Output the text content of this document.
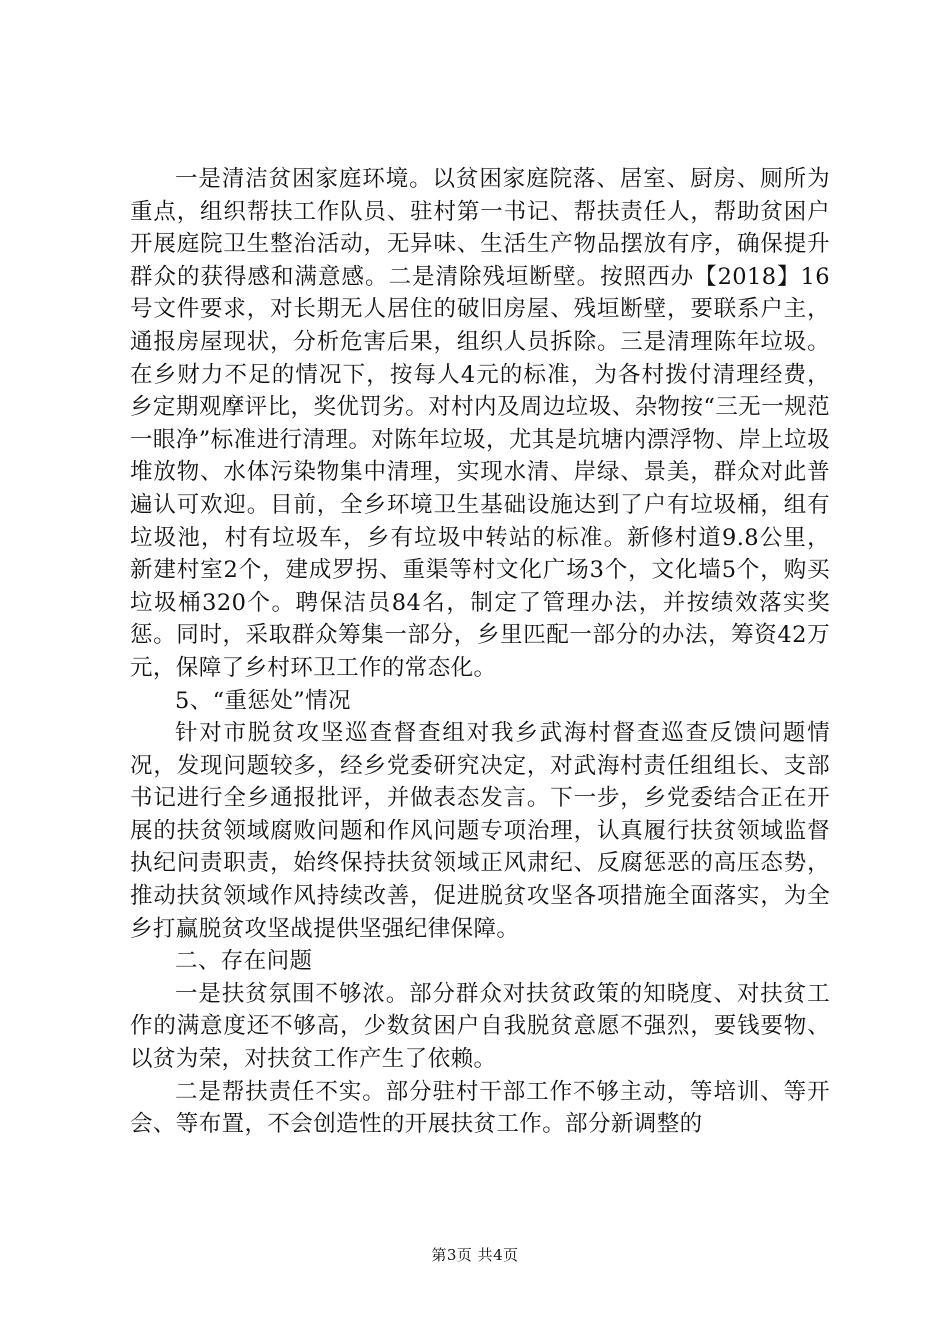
一是清洁贫困家庭环境。以贫困家庭院落、居室、厨房、厕所为重点，组织帮扶工作队员、驻村第一书记、帮扶责任人，帮助贫困户开展庭院卫生整治活动，无异味、生活生产物品摆放有序，确保提升群众的获得感和满意感。二是清除残垣断壁。按照西办【2018】16号文件要求，对长期无人居住的破旧房屋、残垣断壁，要联系户主，通报房屋现状，分析危害后果，组织人员拆除。三是清理陈年垃圾。在乡财力不足的情况下，按每人4元的标准，为各村拨付清理经费，乡定期观摩评比，奖优罚劣。对村内及周边垃圾、杂物按“三无一规范一眼净”标准进行清理。对陈年垃圾，尤其是坑塘内漂浮物、岸上垃圾堆放物、水体污染物集中清理，实现水清、岸绿、景美，群众对此普遍认可欢迎。目前，全乡环境卫生基础设施达到了户有垃圾桶，组有垃圾池，村有垃圾车，乡有垃圾中转站的标准。新修村道9.8公里，新建村室2个，建成罗拐、重渠等村文化广场3个，文化墙5个，购买垃圾桶320个。聘保洁员84名，制定了管理办法，并按绩效落实奖惩。同时，采取群众筹集一部分，乡里匹配一部分的办法，筹资42万元，保障了乡村环卫工作的常态化。

5、“重惩处”情况

针对市脱贫攻坚巡查督查组对我乡武海村督查巡查反馈问题情况，发现问题较多，经乡党委研究决定，对武海村责任组组长、支部书记进行全乡通报批评，并做表态发言。下一步，乡党委结合正在开展的扶贫领域腐败问题和作风问题专项治理，认真履行扶贫领域监督执纪问责职责，始终保持扶贫领域正风肃纪、反腐惩恶的高压态势，推动扶贫领域作风持续改善，促进脱贫攻坚各项措施全面落实，为全乡打赢脱贫攻坚战提供坚强纪律保障。

二、存在问题

一是扶贫氛围不够浓。部分群众对扶贫政策的知晓度、对扶贫工作的满意度还不够高，少数贫困户自我脱贫意愿不强烈，要钱要物、以贫为荣，对扶贫工作产生了依赖。

二是帮扶责任不实。部分驻村干部工作不够主动，等培训、等开会、等布置，不会创造性的开展扶贫工作。部分新调整的

第3页 共4页
